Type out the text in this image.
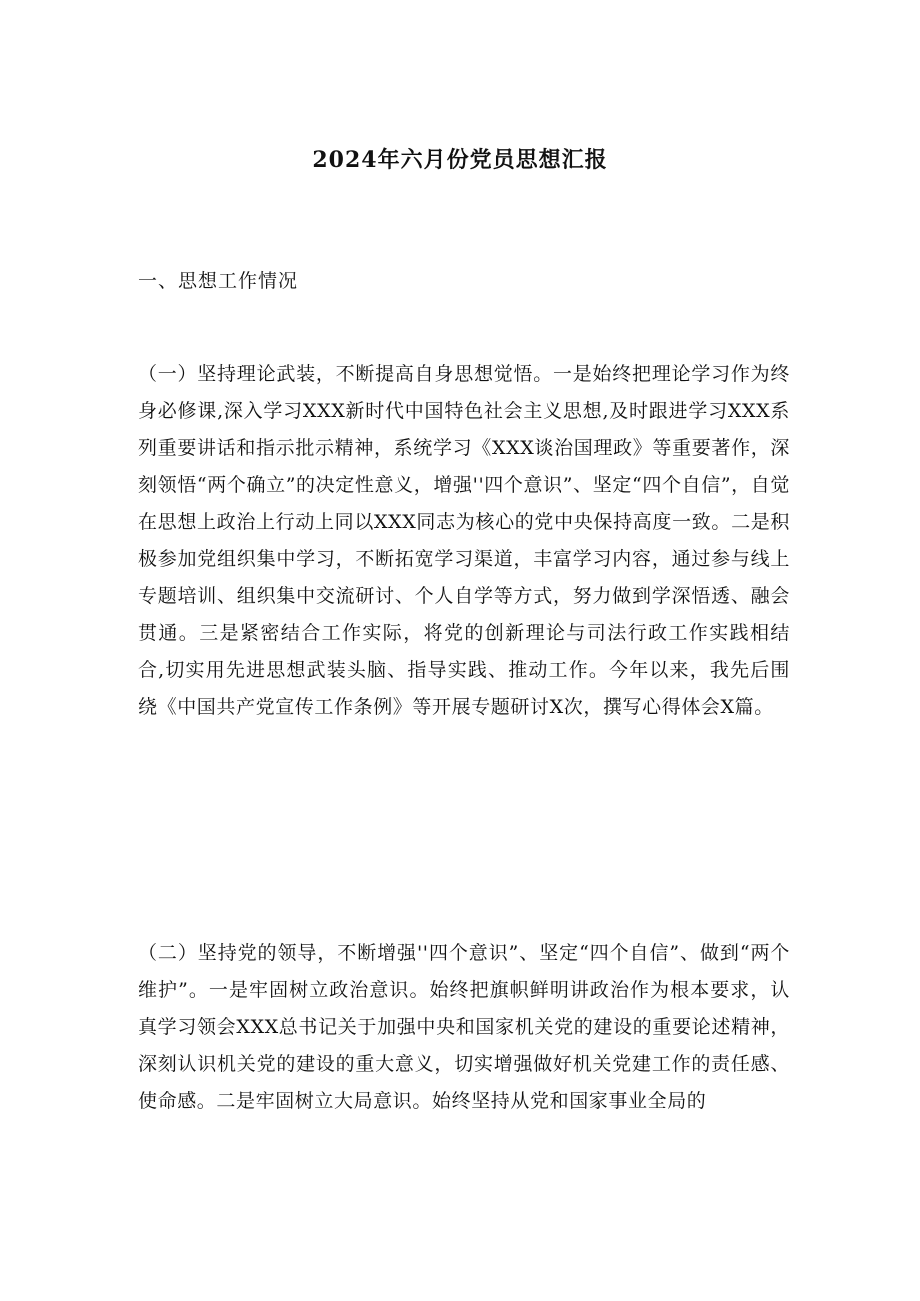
2024年六月份党员思想汇报
一、思想工作情况
（一）坚持理论武装，不断提高自身思想觉悟。一是始终把理论学习作为终身必修课,深入学习XXX新时代中国特色社会主义思想,及时跟进学习XXX系列重要讲话和指示批示精神，系统学习《XXX谈治国理政》等重要著作，深刻领悟“两个确立”的决定性意义，增强''四个意识”、坚定“四个自信”，自觉在思想上政治上行动上同以XXX同志为核心的党中央保持高度一致。二是积极参加党组织集中学习，不断拓宽学习渠道，丰富学习内容，通过参与线上专题培训、组织集中交流研讨、个人自学等方式，努力做到学深悟透、融会贯通。三是紧密结合工作实际，将党的创新理论与司法行政工作实践相结合,切实用先进思想武装头脑、指导实践、推动工作。今年以来，我先后围绕《中国共产党宣传工作条例》等开展专题研讨X次，撰写心得体会X篇。
（二）坚持党的领导，不断增强''四个意识”、坚定“四个自信”、做到“两个维护”。一是牢固树立政治意识。始终把旗帜鲜明讲政治作为根本要求，认真学习领会XXX总书记关于加强中央和国家机关党的建设的重要论述精神，深刻认识机关党的建设的重大意义，切实增强做好机关党建工作的责任感、使命感。二是牢固树立大局意识。始终坚持从党和国家事业全局的
